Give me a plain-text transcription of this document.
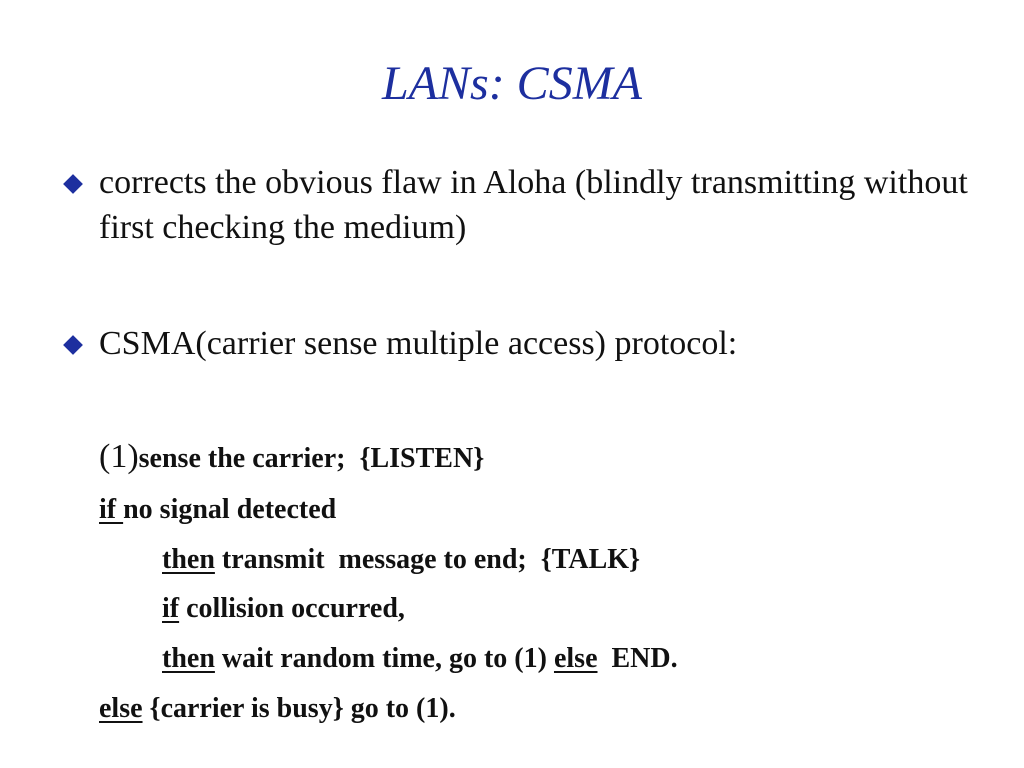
LANs: CSMA
corrects the obvious flaw in Aloha (blindly transmitting without first checking the medium)
CSMA(carrier sense multiple access) protocol:
(1)sense the carrier;  {LISTEN}
if no signal detected
then transmit  message to end;  {TALK}
if collision occurred,
then wait random time, go to (1) else  END.
else {carrier is busy} go to (1).
